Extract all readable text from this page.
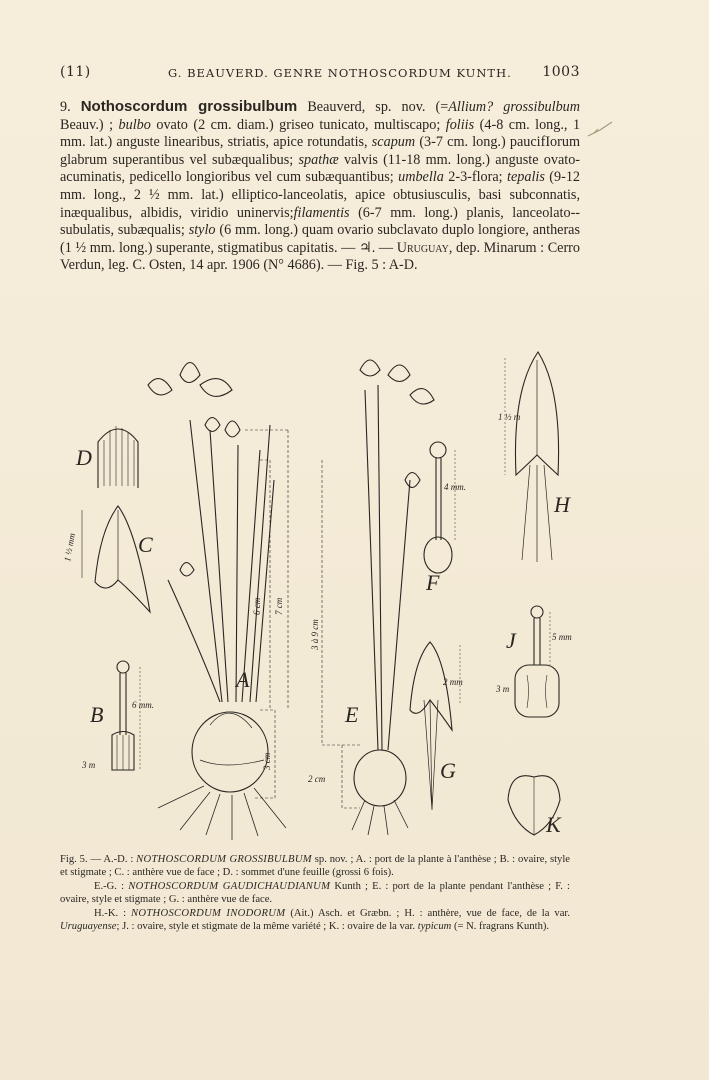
(11)	G. BEAUVERD. GENRE NOTHOSCORDUM KUNTH. 1003
9. Nothoscordum grossibulbum Beauverd, sp. nov. (=Allium? grossibulbum Beauv.) ; bulbo ovato (2 cm. diam.) griseo tunicato, multiscapo; foliis (4-8 cm. long., 1 mm. lat.) anguste linearibus, striatis, apice rotundatis, scapum (3-7 cm. long.) paucifIorum glabrum superantibus vel subæqualibus; spathæ valvis (11-18 mm. long.) anguste ovato-acuminatis, pedicello longioribus vel cum subæquantibus; umbella 2-3-flora; tepalis (9-12 mm. long., 2 ½ mm. lat.) elliptico-lanceolatis, apice obtusiusculis, basi subconnatis, inæqualibus, albidis, viridio uninervis;filamentis (6-7 mm. long.) planis, lanceolato--subulatis, subæqualis; stylo (6 mm. long.) quam ovario subclavato duplo longiore, antheras (1 ½ mm. long.) superante, stigmatibus capitatis. — ♃. — Uruguay, dep. Minarum : Cerro Verdun, leg. C. Osten, 14 apr. 1906 (N° 4686). — Fig. 5 : A-D.
D
C
B
A
E
F
G
H
J
K
6 cm 7 cm
3 cm
6 mm.
3 m
1 ½ mm
3 à 9 cm
2 cm
4 mm.
2 mm
1 ½ m
5 mm
3 m

Fig. 5. — A.-D. : NOTHOSCORDUM GROSSIBULBUM sp. nov. ; A. : port de la plante à l'anthèse ; B. : ovaire, style et stigmate ; C. : anthère vue de face ; D. : sommet d'une feuille (grossi 6 fois).

E.-G. : NOTHOSCORDUM GAUDICHAUDIANUM Kunth ; E. : port de la plante pendant l'anthèse ; F. : ovaire, style et stigmate ; G. : anthère vue de face.

H.-K. : NOTHOSCORDUM INODORUM (Ait.) Asch. et Græbn. ; H. : anthère, vue de face, de la var. Uruguayense; J. : ovaire, style et stigmate de la même variété ; K. : ovaire de la var. typicum (= N. fragrans Kunth).
